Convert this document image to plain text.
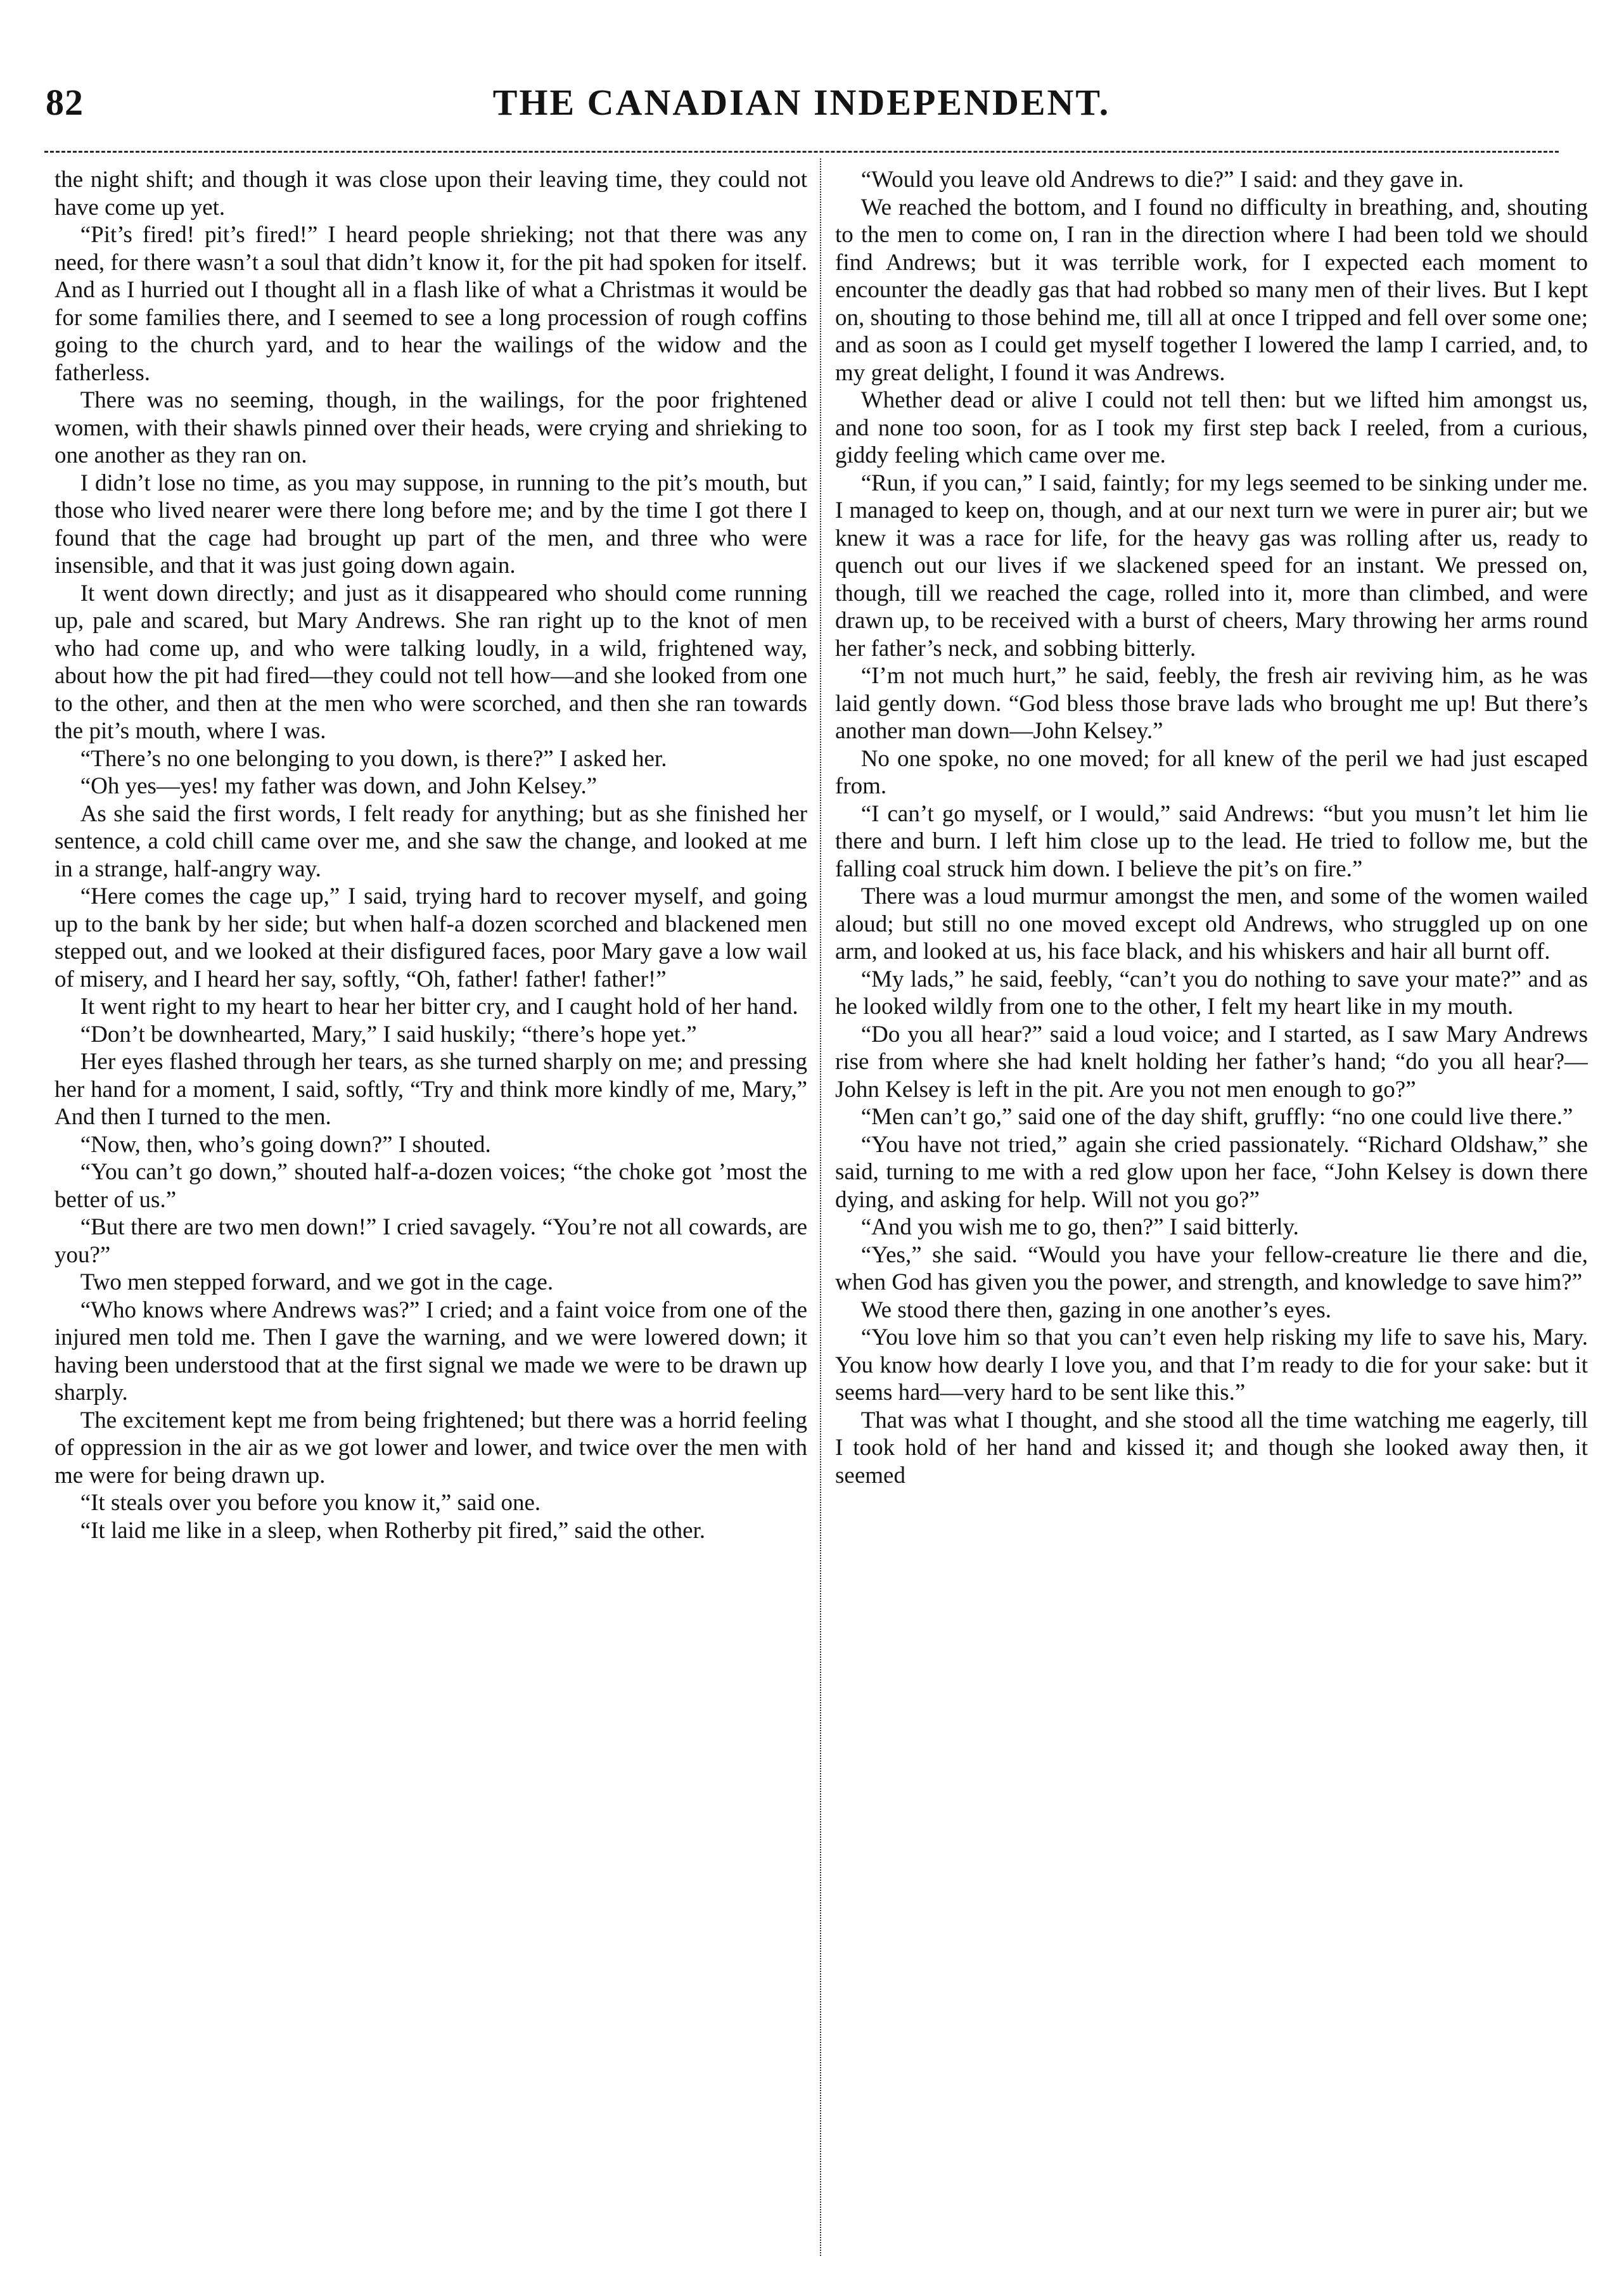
82	THE CANADIAN INDEPENDENT.

the night shift; and though it was close upon their leaving time, they could not have come up yet.

“Pit’s fired! pit’s fired!” I heard people shrieking; not that there was any need, for there wasn’t a soul that didn’t know it, for the pit had spoken for itself. And as I hurried out I thought all in a flash like of what a Christmas it would be for some families there, and I seemed to see a long procession of rough coffins going to the church yard, and to hear the wailings of the widow and the fatherless.

There was no seeming, though, in the wailings, for the poor frightened women, with their shawls pinned over their heads, were crying and shrieking to one another as they ran on.

I didn’t lose no time, as you may suppose, in running to the pit’s mouth, but those who lived nearer were there long before me; and by the time I got there I found that the cage had brought up part of the men, and three who were insensible, and that it was just going down again.

It went down directly; and just as it disappeared who should come running up, pale and scared, but Mary Andrews. She ran right up to the knot of men who had come up, and who were talking loudly, in a wild, frightened way, about how the pit had fired—they could not tell how—and she looked from one to the other, and then at the men who were scorched, and then she ran towards the pit’s mouth, where I was.

“There’s no one belonging to you down, is there?” I asked her.

“Oh yes—yes! my father was down, and John Kelsey.”

As she said the first words, I felt ready for anything; but as she finished her sentence, a cold chill came over me, and she saw the change, and looked at me in a strange, half-angry way.

“Here comes the cage up,” I said, trying hard to recover myself, and going up to the bank by her side; but when half-a dozen scorched and blackened men stepped out, and we looked at their disfigured faces, poor Mary gave a low wail of misery, and I heard her say, softly, “Oh, father! father! father!”

It went right to my heart to hear her bitter cry, and I caught hold of her hand.

“Don’t be downhearted, Mary,” I said huskily; “there’s hope yet.”

Her eyes flashed through her tears, as she turned sharply on me; and pressing her hand for a moment, I said, softly, “Try and think more kindly of me, Mary,” And then I turned to the men.

“Now, then, who’s going down?” I shouted.

“You can’t go down,” shouted half-a-dozen voices; “the choke got ’most the better of us.”

“But there are two men down!” I cried savagely. “You’re not all cowards, are you?”

Two men stepped forward, and we got in the cage.

“Who knows where Andrews was?” I cried; and a faint voice from one of the injured men told me. Then I gave the warning, and we were lowered down; it having been understood that at the first signal we made we were to be drawn up sharply.

The excitement kept me from being frightened; but there was a horrid feeling of oppression in the air as we got lower and lower, and twice over the men with me were for being drawn up.

“It steals over you before you know it,” said one.

“It laid me like in a sleep, when Rotherby pit fired,” said the other.

“Would you leave old Andrews to die?” I said: and they gave in.

We reached the bottom, and I found no difficulty in breathing, and, shouting to the men to come on, I ran in the direction where I had been told we should find Andrews; but it was terrible work, for I expected each moment to encounter the deadly gas that had robbed so many men of their lives. But I kept on, shouting to those behind me, till all at once I tripped and fell over some one; and as soon as I could get myself together I lowered the lamp I carried, and, to my great delight, I found it was Andrews.

Whether dead or alive I could not tell then: but we lifted him amongst us, and none too soon, for as I took my first step back I reeled, from a curious, giddy feeling which came over me.

“Run, if you can,” I said, faintly; for my legs seemed to be sinking under me. I managed to keep on, though, and at our next turn we were in purer air; but we knew it was a race for life, for the heavy gas was rolling after us, ready to quench out our lives if we slackened speed for an instant. We pressed on, though, till we reached the cage, rolled into it, more than climbed, and were drawn up, to be received with a burst of cheers, Mary throwing her arms round her father’s neck, and sobbing bitterly.

“I’m not much hurt,” he said, feebly, the fresh air reviving him, as he was laid gently down. “God bless those brave lads who brought me up! But there’s another man down—John Kelsey.”

No one spoke, no one moved; for all knew of the peril we had just escaped from.

“I can’t go myself, or I would,” said Andrews: “but you musn’t let him lie there and burn. I left him close up to the lead. He tried to follow me, but the falling coal struck him down. I believe the pit’s on fire.”

There was a loud murmur amongst the men, and some of the women wailed aloud; but still no one moved except old Andrews, who struggled up on one arm, and looked at us, his face black, and his whiskers and hair all burnt off.

“My lads,” he said, feebly, “can’t you do nothing to save your mate?” and as he looked wildly from one to the other, I felt my heart like in my mouth.

“Do you all hear?” said a loud voice; and I started, as I saw Mary Andrews rise from where she had knelt holding her father’s hand; “do you all hear?—John Kelsey is left in the pit. Are you not men enough to go?”

“Men can’t go,” said one of the day shift, gruffly: “no one could live there.”

“You have not tried,” again she cried passionately. “Richard Oldshaw,” she said, turning to me with a red glow upon her face, “John Kelsey is down there dying, and asking for help. Will not you go?”

“And you wish me to go, then?” I said bitterly.

“Yes,” she said. “Would you have your fellow-creature lie there and die, when God has given you the power, and strength, and knowledge to save him?”

We stood there then, gazing in one another’s eyes.

“You love him so that you can’t even help risking my life to save his, Mary. You know how dearly I love you, and that I’m ready to die for your sake: but it seems hard—very hard to be sent like this.”

That was what I thought, and she stood all the time watching me eagerly, till I took hold of her hand and kissed it; and though she looked away then, it seemed
